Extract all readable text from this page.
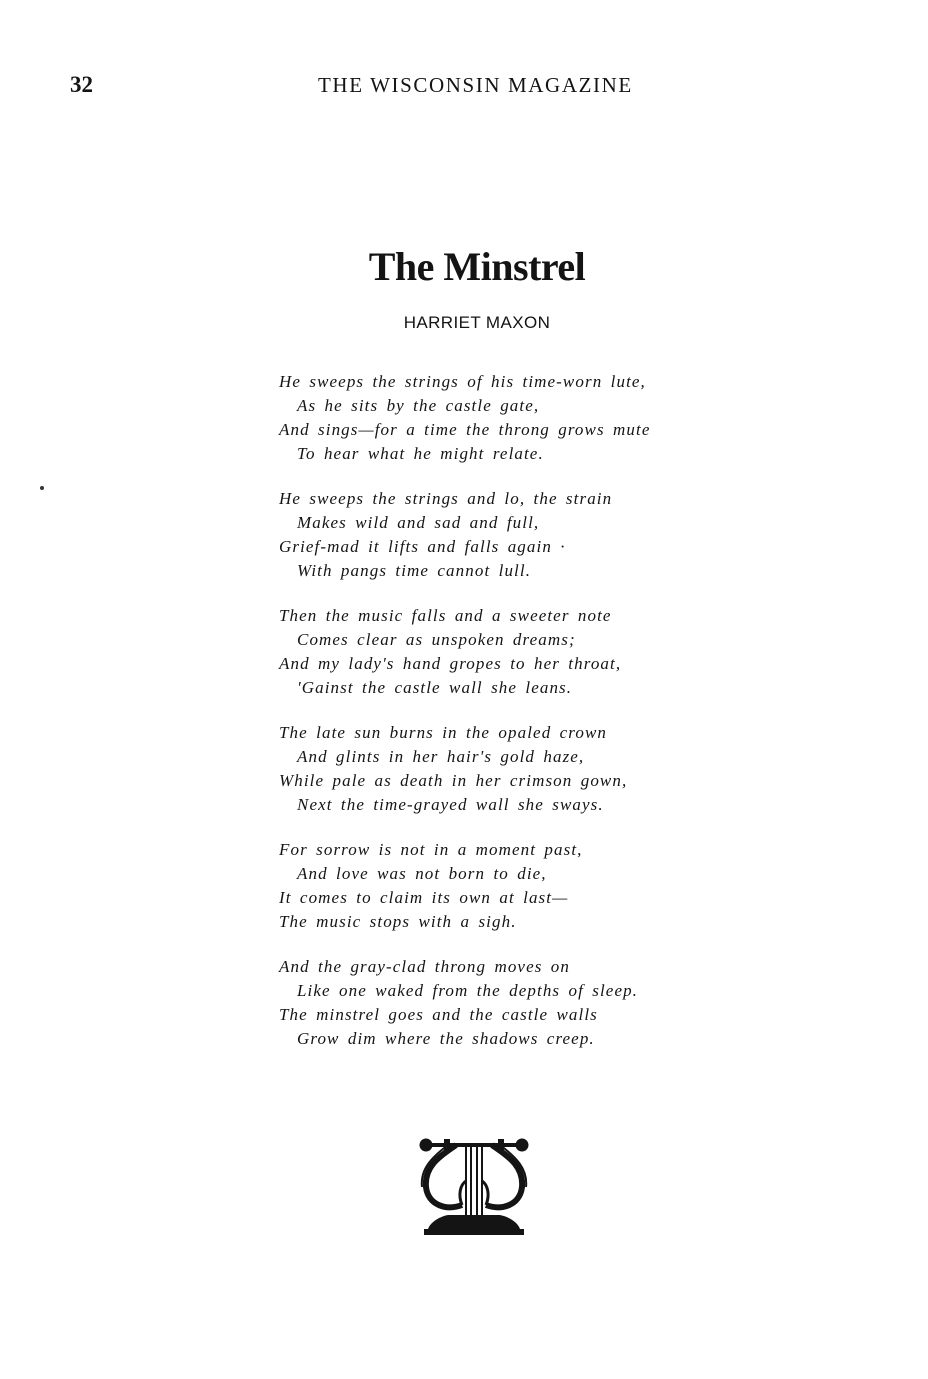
32	THE WISCONSIN MAGAZINE
The Minstrel
HARRIET MAXON
He sweeps the strings of his time-worn lute,
As he sits by the castle gate,
And sings—for a time the throng grows mute
To hear what he might relate.
He sweeps the strings and lo, the strain
Makes wild and sad and full,
Grief-mad it lifts and falls again ·
With pangs time cannot lull.
Then the music falls and a sweeter note
Comes clear as unspoken dreams;
And my lady's hand gropes to her throat,
'Gainst the castle wall she leans.
The late sun burns in the opaled crown
And glints in her hair's gold haze,
While pale as death in her crimson gown,
Next the time-grayed wall she sways.
For sorrow is not in a moment past,
And love was not born to die,
It comes to claim its own at last—
The music stops with a sigh.
And the gray-clad throng moves on
Like one waked from the depths of sleep.
The minstrel goes and the castle walls
Grow dim where the shadows creep.
